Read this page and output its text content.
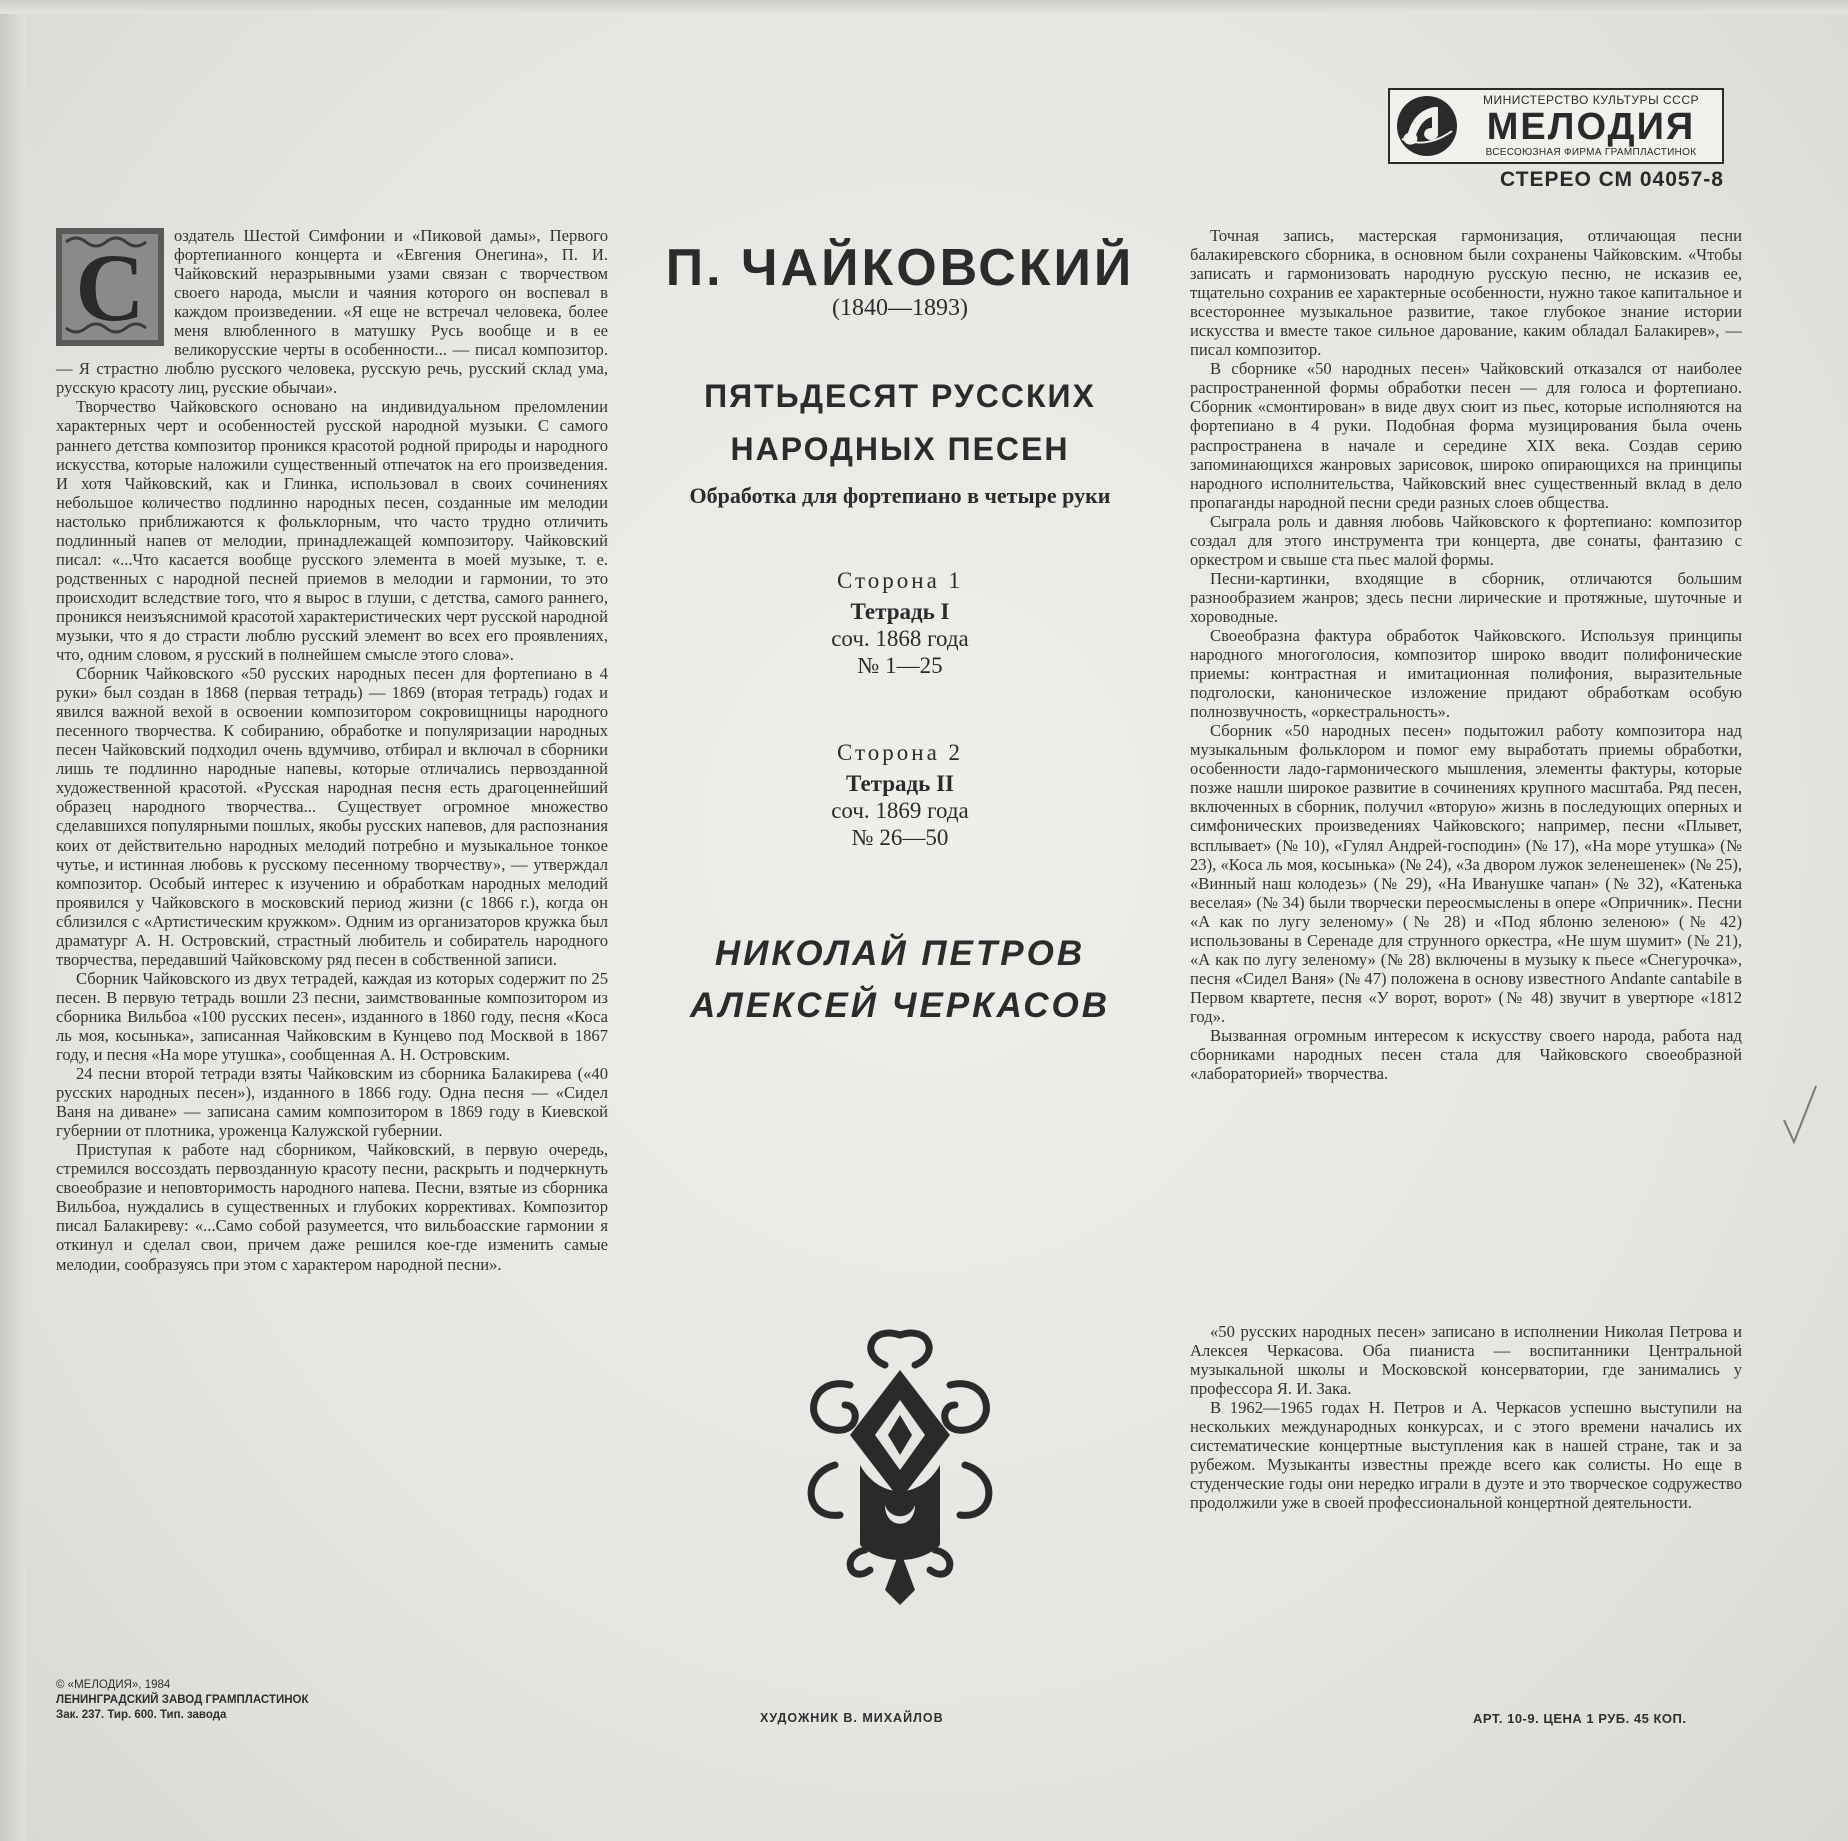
МИНИСТЕРСТВО КУЛЬТУРЫ СССР
МЕЛОДИЯ
ВСЕСОЮЗНАЯ ФИРМА ГРАМПЛАСТИНОК
СТЕРЕО СМ 04057-8
С	оздатель Шестой Симфонии и «Пиковой дамы», Первого фортепианного концерта и «Евгения Онегина», П. И. Чайковский неразрывными узами связан с творчеством своего народа, мысли и чаяния которого он воспевал в каждом произведении. «Я еще не встречал человека, более меня влюбленного в матушку Русь вообще и в ее великорусские черты в особенности... — писал композитор. — Я страстно люблю русского человека, русскую речь, русский склад ума, русскую красоту лиц, русские обычаи».

Творчество Чайковского основано на индивидуальном преломлении характерных черт и особенностей русской народной музыки. С самого раннего детства композитор проникся красотой родной природы и народного искусства, которые наложили существенный отпечаток на его произведения. И хотя Чайковский, как и Глинка, использовал в своих сочинениях небольшое количество подлинно народных песен, созданные им мелодии настолько приближаются к фольклорным, что часто трудно отличить подлинный напев от мелодии, принадлежащей композитору. Чайковский писал: «...Что касается вообще русского элемента в моей музыке, т. е. родственных с народной песней приемов в мелодии и гармонии, то это происходит вследствие того, что я вырос в глуши, с детства, самого раннего, проникся неизъяснимой красотой характеристических черт русской народной музыки, что я до страсти люблю русский элемент во всех его проявлениях, что, одним словом, я русский в полнейшем смысле этого слова».

Сборник Чайковского «50 русских народных песен для фортепиано в 4 руки» был создан в 1868 (первая тетрадь) — 1869 (вторая тетрадь) годах и явился важной вехой в освоении композитором сокровищницы народного песенного творчества. К собиранию, обработке и популяризации народных песен Чайковский подходил очень вдумчиво, отбирал и включал в сборники лишь те подлинно народные напевы, которые отличались первозданной художественной красотой. «Русская народная песня есть драгоценнейший образец народного творчества... Существует огромное множество сделавшихся популярными пошлых, якобы русских напевов, для распознания коих от действительно народных мелодий потребно и музыкальное тонкое чутье, и истинная любовь к русскому песенному творчеству», — утверждал композитор. Особый интерес к изучению и обработкам народных мелодий проявился у Чайковского в московский период жизни (с 1866 г.), когда он сблизился с «Артистическим кружком». Одним из организаторов кружка был драматург А. Н. Островский, страстный любитель и собиратель народного творчества, передавший Чайковскому ряд песен в собственной записи.

Сборник Чайковского из двух тетрадей, каждая из которых содержит по 25 песен. В первую тетрадь вошли 23 песни, заимствованные композитором из сборника Вильбоа «100 русских песен», изданного в 1860 году, песня «Коса ль моя, косынька», записанная Чайковским в Кунцево под Москвой в 1867 году, и песня «На море утушка», сообщенная А. Н. Островским.

24 песни второй тетради взяты Чайковским из сборника Балакирева («40 русских народных песен»), изданного в 1866 году. Одна песня — «Сидел Ваня на диване» — записана самим композитором в 1869 году в Киевской губернии от плотника, уроженца Калужской губернии.

Приступая к работе над сборником, Чайковский, в первую очередь, стремился воссоздать первозданную красоту песни, раскрыть и подчеркнуть своеобразие и неповторимость народного напева. Песни, взятые из сборника Вильбоа, нуждались в существенных и глубоких коррективах. Композитор писал Балакиреву: «...Само собой разумеется, что вильбоасские гармонии я откинул и сделал свои, причем даже решился кое-где изменить самые мелодии, сообразуясь при этом с характером народной песни».

П. ЧАЙКОВСКИЙ
(1840—1893)
ПЯТЬДЕСЯТ РУССКИХ
НАРОДНЫХ ПЕСЕН
Обработка для фортепиано в четыре руки
Сторона 1
Тетрадь I
соч. 1868 года
№ 1—25
Сторона 2
Тетрадь II
соч. 1869 года
№ 26—50
НИКОЛАЙ ПЕТРОВ
АЛЕКСЕЙ ЧЕРКАСОВ

Точная запись, мастерская гармонизация, отличающая песни балакиревского сборника, в основном были сохранены Чайковским. «Чтобы записать и гармонизовать народную русскую песню, не исказив ее, тщательно сохранив ее характерные особенности, нужно такое капитальное и всестороннее музыкальное развитие, такое глубокое знание истории искусства и вместе такое сильное дарование, каким обладал Балакирев», — писал композитор.

В сборнике «50 народных песен» Чайковский отказался от наиболее распространенной формы обработки песен — для голоса и фортепиано. Сборник «смонтирован» в виде двух сюит из пьес, которые исполняются на фортепиано в 4 руки. Подобная форма музицирования была очень распространена в начале и середине XIX века. Создав серию запоминающихся жанровых зарисовок, широко опирающихся на принципы народного исполнительства, Чайковский внес существенный вклад в дело пропаганды народной песни среди разных слоев общества.

Сыграла роль и давняя любовь Чайковского к фортепиано: композитор создал для этого инструмента три концерта, две сонаты, фантазию с оркестром и свыше ста пьес малой формы.

Песни-картинки, входящие в сборник, отличаются большим разнообразием жанров; здесь песни лирические и протяжные, шуточные и хороводные.

Своеобразна фактура обработок Чайковского. Используя принципы народного многоголосия, композитор широко вводит полифонические приемы: контрастная и имитационная полифония, выразительные подголоски, каноническое изложение придают обработкам особую полнозвучность, «оркестральность».

Сборник «50 народных песен» подытожил работу композитора над музыкальным фольклором и помог ему выработать приемы обработки, особенности ладо-гармонического мышления, элементы фактуры, которые позже нашли широкое развитие в сочинениях крупного масштаба. Ряд песен, включенных в сборник, получил «вторую» жизнь в последующих оперных и симфонических произведениях Чайковского; например, песни «Плывет, всплывает» (№ 10), «Гулял Андрей-господин» (№ 17), «На море утушка» (№ 23), «Коса ль моя, косынька» (№ 24), «За двором лужок зеленешенек» (№ 25), «Винный наш колодезь» (№ 29), «На Иванушке чапан» (№ 32), «Катенька веселая» (№ 34) были творчески переосмыслены в опере «Опричник». Песни «А как по лугу зеленому» (№ 28) и «Под яблоню зеленою» (№ 42) использованы в Серенаде для струнного оркестра, «Не шум шумит» (№ 21), «А как по лугу зеленому» (№ 28) включены в музыку к пьесе «Снегурочка», песня «Сидел Ваня» (№ 47) положена в основу известного Andante cantabile в Первом квартете, песня «У ворот, ворот» (№ 48) звучит в увертюре «1812 год».

Вызванная огромным интересом к искусству своего народа, работа над сборниками народных песен стала для Чайковского своеобразной «лабораторией» творчества.

«50 русских народных песен» записано в исполнении Николая Петрова и Алексея Черкасова. Оба пианиста — воспитанники Центральной музыкальной школы и Московской консерватории, где занимались у профессора Я. И. Зака.

В 1962—1965 годах Н. Петров и А. Черкасов успешно выступили на нескольких международных конкурсах, и с этого времени начались их систематические концертные выступления как в нашей стране, так и за рубежом. Музыканты известны прежде всего как солисты. Но еще в студенческие годы они нередко играли в дуэте и это творческое содружество продолжили уже в своей профессиональной концертной деятельности.

© «МЕЛОДИЯ», 1984
ЛЕНИНГРАДСКИЙ ЗАВОД ГРАМПЛАСТИНОК
Зак. 237. Тир. 600. Тип. завода	ХУДОЖНИК В. МИХАЙЛОВ	АРТ. 10-9. ЦЕНА 1 РУБ. 45 КОП.
